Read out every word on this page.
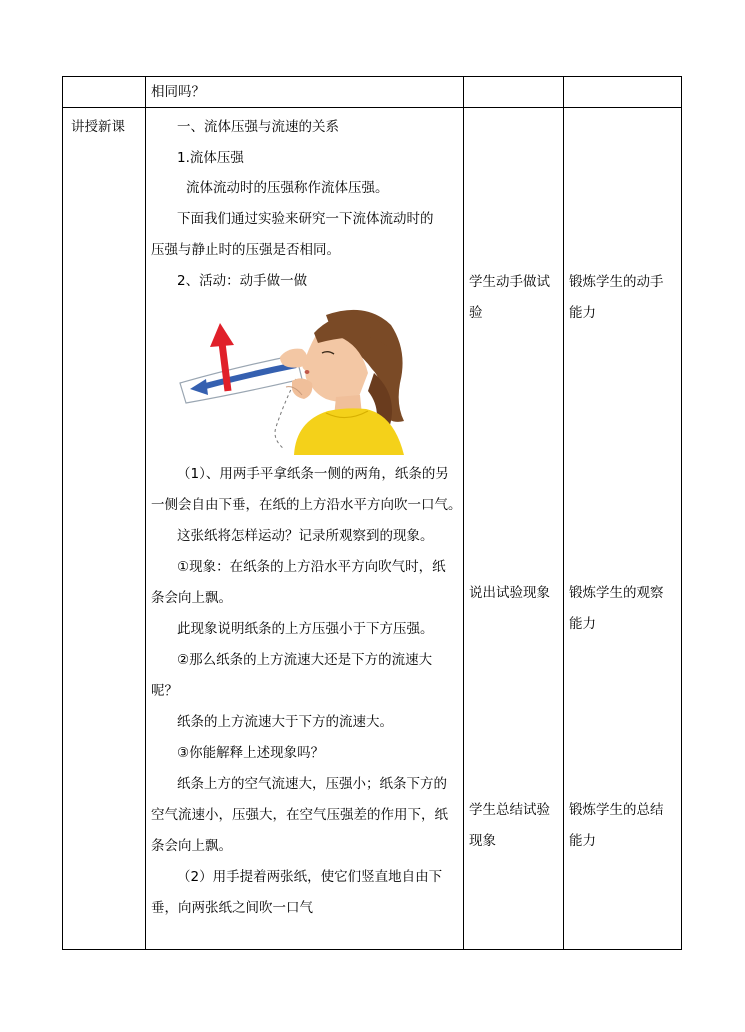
相同吗？
讲授新课	一、流体压强与流速的关系
1.流体压强
流体流动时的压强称作流体压强。
下面我们通过实验来研究一下流体流动时的
压强与静止时的压强是否相同。
2、活动：动手做一做
（1）、用两手平拿纸条一侧的两角，纸条的另
一侧会自由下垂，在纸的上方沿水平方向吹一口气。
这张纸将怎样运动？记录所观察到的现象。
①现象：在纸条的上方沿水平方向吹气时，纸
条会向上飘。
此现象说明纸条的上方压强小于下方压强。
②那么纸条的上方流速大还是下方的流速大
呢？
纸条的上方流速大于下方的流速大。
③你能解释上述现象吗？
纸条上方的空气流速大，压强小；纸条下方的
空气流速小，压强大，在空气压强差的作用下，纸
条会向上飘。
（2）用手提着两张纸，使它们竖直地自由下
垂，向两张纸之间吹一口气
学生动手做试
验
说出试验现象
学生总结试验
现象
锻炼学生的动手
能力
锻炼学生的观察
能力
锻炼学生的总结
能力
